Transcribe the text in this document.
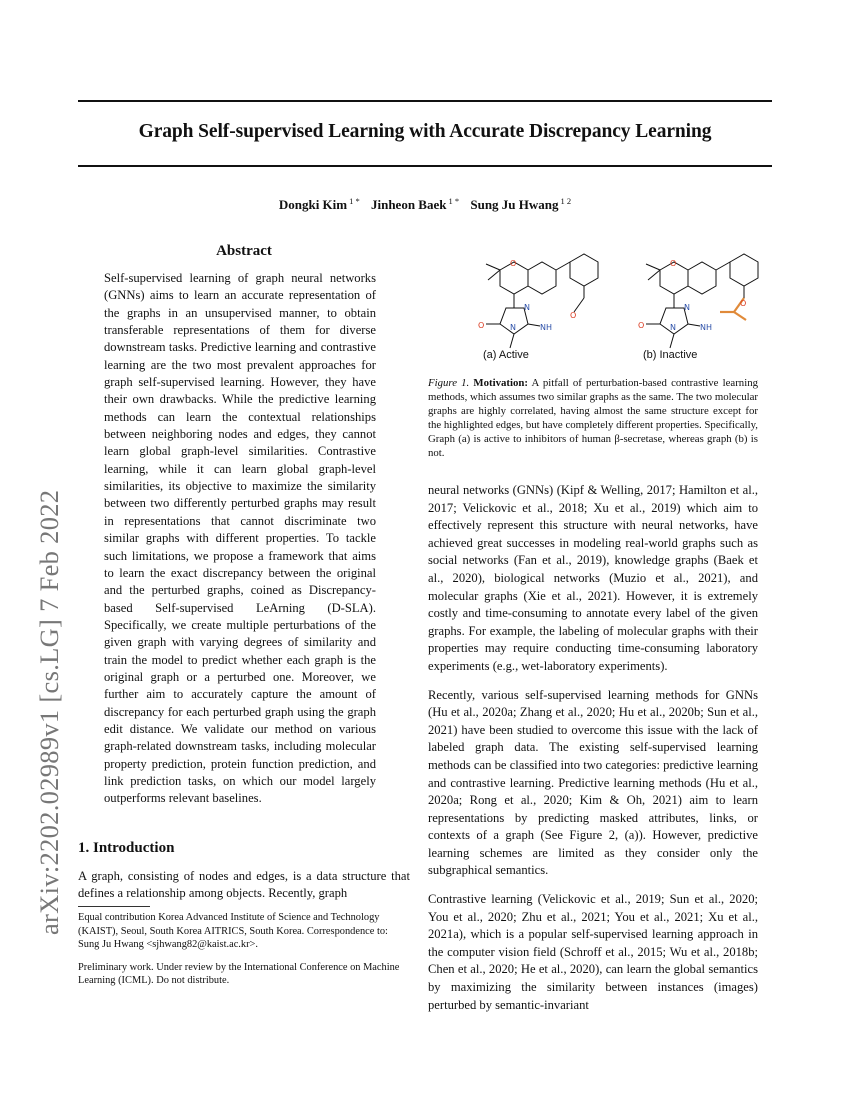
Graph Self-supervised Learning with Accurate Discrepancy Learning
Dongki Kim $^{1 *}$ Jinheon Baek $^{1 *}$ Sung Ju Hwang $^{1 2}$
arXiv:2202.02989v1 [cs.LG] 7 Feb 2022
Abstract
Self-supervised learning of graph neural networks (GNNs) aims to learn an accurate representation of the graphs in an unsupervised manner, to obtain transferable representations of them for diverse downstream tasks. Predictive learning and contrastive learning are the two most prevalent approaches for graph self-supervised learning. However, they have their own drawbacks. While the predictive learning methods can learn the contextual relationships between neighboring nodes and edges, they cannot learn global graph-level similarities. Contrastive learning, while it can learn global graph-level similarities, its objective to maximize the similarity between two differently perturbed graphs may result in representations that cannot discriminate two similar graphs with different properties. To tackle such limitations, we propose a framework that aims to learn the exact discrepancy between the original and the perturbed graphs, coined as Discrepancy-based Self-supervised LeArning (D-SLA). Specifically, we create multiple perturbations of the given graph with varying degrees of similarity and train the model to predict whether each graph is the original graph or a perturbed one. Moreover, we further aim to accurately capture the amount of discrepancy for each perturbed graph using the graph edit distance. We validate our method on various graph-related downstream tasks, including molecular property prediction, protein function prediction, and link prediction tasks, on which our model largely outperforms relevant baselines.
1. Introduction
A graph, consisting of nodes and edges, is a data structure that defines a relationship among objects. Recently, graph

Equal contribution Korea Advanced Institute of Science and Technology (KAIST), Seoul, South Korea AITRICS, South Korea. Correspondence to: Sung Ju Hwang <sjhwang82@kaist.ac.kr>.

Preliminary work. Under review by the International Conference on Machine Learning (ICML). Do not distribute.

O
O
N
N	NH
O
(a) Active
O
O
N
N	NH
O
(b) Inactive
Figure 1. Motivation: A pitfall of perturbation-based contrastive learning methods, which assumes two similar graphs as the same. The two molecular graphs are highly correlated, having almost the same structure except for the highlighted edges, but have completely different properties. Specifically, Graph (a) is active to inhibitors of human β-secretase, whereas graph (b) is not.

neural networks (GNNs) (Kipf & Welling, 2017; Hamilton et al., 2017; Velickovic et al., 2018; Xu et al., 2019) which aim to effectively represent this structure with neural networks, have achieved great successes in modeling real-world graphs such as social networks (Fan et al., 2019), knowledge graphs (Baek et al., 2020), biological networks (Muzio et al., 2021), and molecular graphs (Xie et al., 2021). However, it is extremely costly and time-consuming to annotate every label of the given graphs. For example, the labeling of molecular graphs with their properties may require conducting time-consuming laboratory experiments (e.g., wet-laboratory experiments).

Recently, various self-supervised learning methods for GNNs (Hu et al., 2020a; Zhang et al., 2020; Hu et al., 2020b; Sun et al., 2021) have been studied to overcome this issue with the lack of labeled graph data. The existing self-supervised learning methods can be classified into two categories: predictive learning and contrastive learning. Predictive learning methods (Hu et al., 2020a; Rong et al., 2020; Kim & Oh, 2021) aim to learn representations by predicting masked attributes, links, or contexts of a graph (See Figure 2, (a)). However, predictive learning schemes are limited as they consider only the subgraphical semantics.

Contrastive learning (Velickovic et al., 2019; Sun et al., 2020; You et al., 2020; Zhu et al., 2021; You et al., 2021; Xu et al., 2021a), which is a popular self-supervised learning approach in the computer vision field (Schroff et al., 2015; Wu et al., 2018b; Chen et al., 2020; He et al., 2020), can learn the global semantics by maximizing the similarity between instances (images) perturbed by semantic-invariant
